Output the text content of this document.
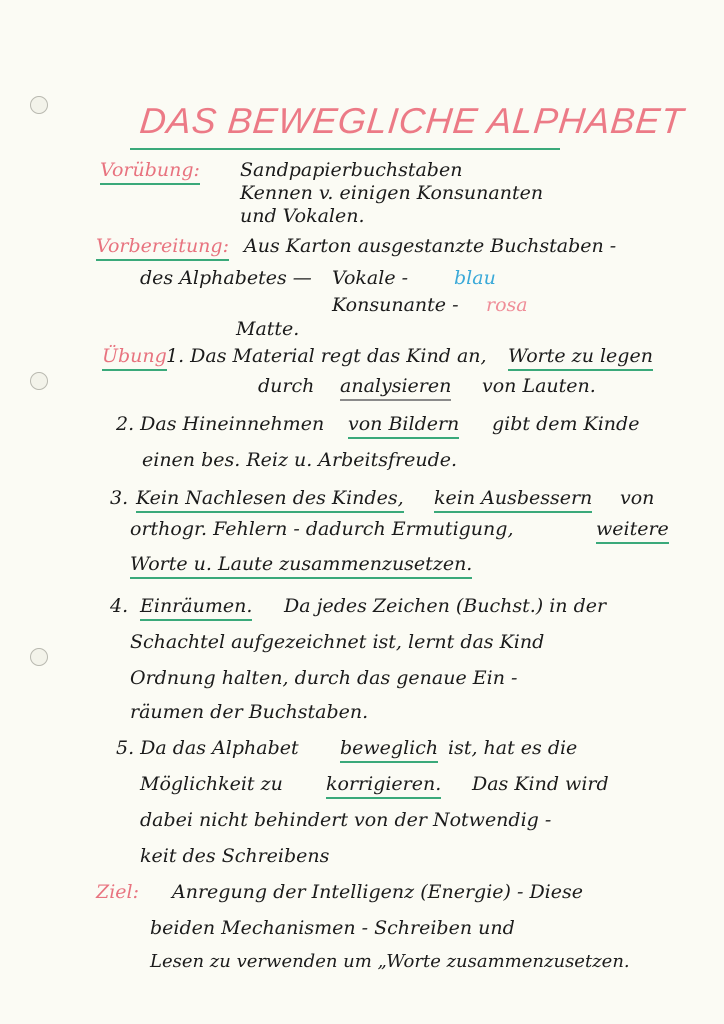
DAS BEWEGLICHE ALPHABET
Vorübung: Sandpapierbuchstaben
Kennen v. einigen Konsunanten
und Vokalen.
Vorbereitung: Aus Karton ausgestanzte Buchstaben -
des Alphabetes — Vokale - blau
Konsunante - rosa
Matte.
Übung 1. Das Material regt das Kind an, Worte zu legen
durch analysieren von Lauten.
2. Das Hineinnehmen von Bildern gibt dem Kinde
einen bes. Reiz u. Arbeitsfreude.
3. Kein Nachlesen des Kindes, kein Ausbessern von
orthogr. Fehlern - dadurch Ermutigung,	weitere
Worte u. Laute zusammenzusetzen.
4. Einräumen. Da jedes Zeichen (Buchst.) in der
Schachtel aufgezeichnet ist, lernt das Kind
Ordnung halten, durch das genaue Ein -
räumen der Buchstaben.
5. Da das Alphabet beweglich ist, hat es die
Möglichkeit zu korrigieren. Das Kind wird
dabei nicht behindert von der Notwendig -
keit des Schreibens
Ziel: Anregung der Intelligenz (Energie) - Diese
beiden Mechanismen - Schreiben und
Lesen zu verwenden um „Worte zusammenzusetzen.
